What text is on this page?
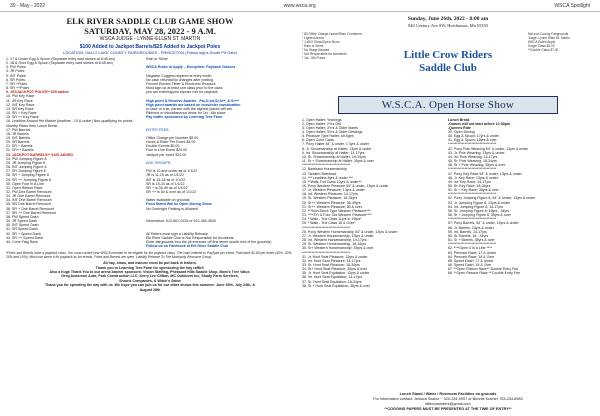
30 - May - 2022	www.wsca.org	WSCA Spotlight
ELK RIVER SADDLE CLUB GAME SHOW
SATURDAY, MAY 28, 2022 - 9 A.M.
WSCA JUDGE - LYNNE-ELLEN ST. MARTIN
$100 Added to Jackpot Barrels/$25 Added to Jackpot Poles
LOCATION: SALLY LAKE COUNTY FAIRGROUNDS - PRINCETON (Follow signs South Pit Gate)
1. 17 & Under Egg & Spoon (Separate entry card stones at 8:45 am)	Rain or Shine
2. 18 & Over Egg & Spoon (Separate entry card stones at 8:45 am)
3. PW Poles	WSCA Rules to Apply – Exception: Payback Classes
4. JR Poles
5. INT Poles	Negative Coggins required at entry booth
6. SR Poles	No cash refunds/No changes after posting
7. SR +Poles	Fenced Electric Timer & Electronic Readout
8. SR ++Poles	Must sign up at least one class prior to the class
9. JSSJACKPOT POLES** $25 added	you are entering/you expose rule for payback
10. PW Key Race
11. JR Key Race	High point & Reserve Awards - Pw,Jr,Int,Sr,Sr+, & Sr++
12. INT Key Race	High point awards are based on hors/rider combination
13. SR Key Race	In case of a tie, person with the highest places will win.
14. SR + Key Race	Ribbons or miscellaneous items for 1st - 6th place
15. SR ++ Key Race	Pay traffic sponsored by Learning Tree Farm
16. Leadline Around the Marker (leadline - 10 & under) Non-qualifying for points
Novelty Rides then Lunch Break
17. PW Barrels	ENTRY FEES:
18. JR Barrels
19. INT Barrels	Office Charge per Number $5.00
20. SR Barrels	Horse & Rider Per Event $4.00
21. SR + Barrels	Double Events $0.00
22. SR++ Barrels	Four in Line Event $20.00
23. JACKPOT BARRELS** $100 ADDED	Jackpot per event $10.00
24. PW Jumping Figure 8
25. JR Jumping Figure 8	AGE GROUPS:
26. INT Jumping Figure 8
27. SR Jumping Figure 8	PW is 10 and under as of 1/1/22
28. SR + Jumping Figure 8	JR is 11-15 as of 1/1/22
29. SR ++ Jumping Figure 8	INT is 16-18 as of 1/1/22
30. Open Four In A Line	SR is 19-34 as of 1/1/22
31. Open Ribbon Race	SR + is 35-49 as of 1/1/22
32. PW-Dez Barrel Remount	SR ++ is 50 & over as of 1/1/22
33. JR One Barrel Remount
34. INT One Barrel Remount	Water available on grounds
35. SR One Barrel Remount	Food Stand Will be Open During Show
36. SR + One Barrel Remount	No Overnight Parking is Allowed!
37. SR ++ One Barrel Remount
38. PW Speed Dash
39. JR Speed Dash	Information: 612-867-0235 or 612-360-4533
40. INT Speed Dash
41. SR Speed Dash
42. SR + Speed Dash	All Riders must sign a Liability Release.
43. SR ++ Speed Dash	Elk River Saddle Club is Not Responsible for Accidents.
44. Cone Flag Race	Enter fairgrounds thru the pit entrance off first street (south end of the grounds)
Follow us on Facebook at Elk River Saddle Club
*Poles and Barrels have a payback class. You must current year WSCA member to be eligible for the payback class. The cash entered to PaySpot per event. Paid back $1-$5 per event (40%, 30%, 20% and 10%). Must use same # for payback as for events. Poles and Barrels are open. Liability Release To The Monopoly Resource Group
All hay, straw, and manure must be put back in trailers.
Thank you to Learning Tree Farm for sponsoring the hay raffle!!
Also a huge Thank You to our arena banner sponsors: Vision Staffing, Pheasant Hills Saddle Shop, Mom's Tree Value,
Greg Anderson Auto, Park Construction LLC, Kerry Lee Clifton, MC Outdoors Inc, Shady Farm Services,
Shrunk Companies, & Witch's Salon
Thank you for spending the day with us. We hope you can join us for our other shows this summer: June 19th, July 24th, &
August 28th
Sunday, June 26th, 2022 - 8:00 am
840 Century Ave SW, Hutchinson, Mn 55350
* $3 Office Charge-Horse/Rider Combined
* Lighted Arena
* 1:45/2 Show/Open Show
* Rain or Shine
* No Stage Allowed
* Not Responsible for Accidents
* 1st - 5th Prizes	Little Crow Riders
Saddle Club
McLeod County Fairgrounds
Judge: Lynne-Ellen St. Martin
WSCA Rules Apply
Single Class $4.00
**Double Class $7.00
W.S.C.A. Open Horse Show
1. Open Halter; Yearlings
2. Open Halter; 2Yrs Old
3. Open Halter; 3Yrs & Older Mares
4. Open Halter; 3Yrs & Older Geldings
5. Pleasure Type Halter; All Ages
6. Open Color Class
7. Pony Halter 54" & under, 1 3yrs & under
8. Jr. Showmanship at Halter; 13yrs & under
9. Int. Showmanship at Halter; 14-17yrs
10. Sr. Showmanship at Halter; 18-34yrs
11. Sr + Showmanship at Halter; 35yrs & over
***********************************
12. Bareback Horsemanship
13. Tandem Bareback
14. *** Leadline-6yrs & under ***
15. **Walk-Trot Class 10yrs & under**
16. Pony Western Pleasure 54" & under, 13yrs & under
17. Jr. Western Pleasure; 13yrs & under
18. Int. Western Pleasure; 14-17yrs
19. Sr. Western Pleasure; 18-34yrs
20. Sr++ Western Pleasure; 35-49yrs
21. Sr++ Western Pleasure; 50 & over
22. ***Non-Stock Type Western Pleasure***
23. ****2Yr & Four Old Western Pleasure****
24. * Walk - Trot Class 11yrs to 15yrs*
25. * Walk - Trot Class 16 & Over*
***********************************
26. Pony Western Horsemanship 54" & under, 13yrs & under
27. Jr. Western Horsemanship; 13yrs & under
28. Int. Western Horsemanship; 14-17yrs
29. Sr. Western Horsemanship; 18-34yrs
30. Sr+ Western Horsemanship; 35yrs & over
***********************************
31. Jr. Hunt Seat Pleasure; 13yrs & under
32. Int. Hunt Seat Pleasure; 14-17yrs
33. Sr. Hunt Seat Pleasure; 18-34yrs
34. Sr+ Hunt Seat Pleasure; 35yrs & over
35. Jr. Hunt Seat Equitation; 13yrs & under
36. Int. Hunt Seat Equitation; 14-17yrs
37. Sr. Hunt Seat Equitation; 18-34yrs
38. Sr + Hunt Seat Equitation; 35yrs & over
Lunch Break
-Games will not start before 12:00pm
-Queens Ride
39. Open Driving
40. Egg & Spoon; 17yrs & under
41. Egg & Spoon; 18yrs & over
***********************************
42. Pony Pole Weaving 54" & under, 13yrs & under
43. Jr. Pole Weaving; 13yrs & under
44. Int. Pole Weaving; 14-17yrs
45. Sr. Pole Weaving; 18-34yrs
46. Sr + Pole Weaving; 35yrs & over
***********************************
47. Pony Key Race 54" & under, 13yrs & under
48. Jr. Key Race; 13yrs & under
49. Int. Key Race; 14-17yrs
50. Sr. Key Race; 18-34yrs
51. Sr + Key Race; 35yrs & over
***********************************
52. Pony Jumping Figure 8, 54" & Under, 13yrs & under
53. Jr. Jumping Figure 8; 13yrs & under
54. Int. Jumping Figure 8; 14-17yrs
55. Sr. Jumping Figure 8; 18yrs - 34yrs
56. Sr + Jumping Figure 8; 35yrs & over
***********************************
57. Pony Barrels, 54" & under, 13yrs & under
58. Jr. Barrels, 13yrs & under
59. Int. Barrels, 14-17yrs
60. Sr. Barrels, 18 - 34yrs
61. Sr + Barrels, 35yrs & over
***********************************
62. ****Open 4 in a Line ****
63. Pennant Race; 17 & Under
64. Pennant Race; 18 & Over
65. Speed Dash; 17 & Under
66. Speed Dash; 18 & Over
67. **Open Ribbon Race** Double Entry Fee
68. **Open Rescue Race ** Double Entry Fee
Lunch Stand / Water / Restroom Facilities on grounds
For information contact: Jessica Scalzo ~ 320-234-9997 or Bonnie Kramer 763-234-8983
littlecrowriders@gmail.com
**COGGINS PAPERS MUST BE PRESENTED AT THE TIME OF ENTRY**
